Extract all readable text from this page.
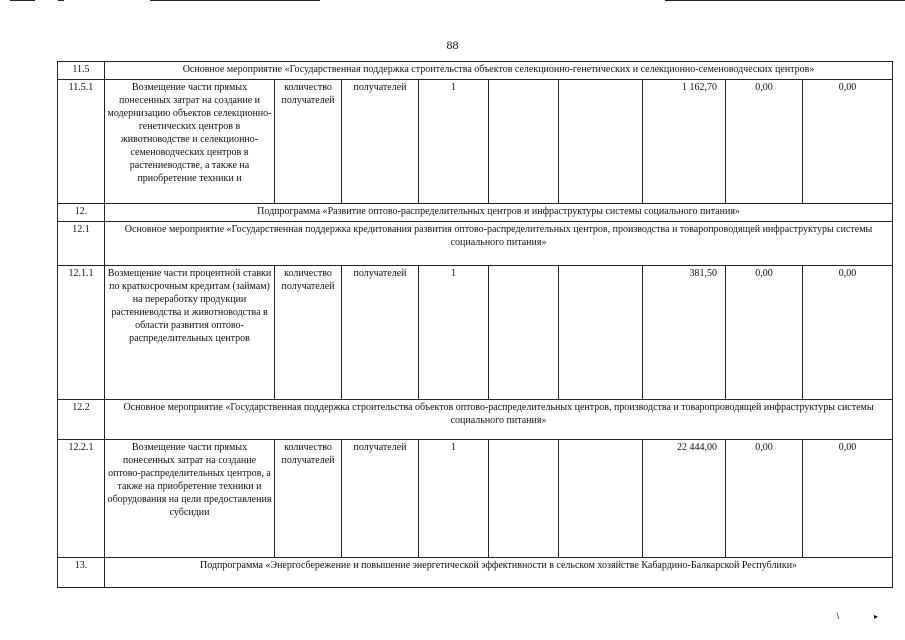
88
11.5	Основное мероприятие «Государственная поддержка строительства объектов селекционно-генетических и селекционно-семеноводческих центров»								
11.5.1	Возмещение части прямых понесенных затрат на создание и модернизацию объектов селекционно-генетических центров в животноводстве и селекционно-семеноводческих центров в растениеводстве, а также на приобретение техники и	количество получателей	получателей	1			1 162,70	0,00	0,00
12.	Подпрограмма «Развитие оптово-распределительных центров и инфраструктуры системы социального питания»								
12.1	Основное мероприятие «Государственная поддержка кредитования развития оптово-распределительных центров, производства и товаропроводящей инфраструктуры системы социального питания»								
12.1.1	Возмещение части процентной ставки по краткосрочным кредитам (займам) на переработку продукции растениеводства и животноводства в области развития оптово-распределительных центров	количество получателей	получателей	1			381,50	0,00	0,00
12.2	Основное мероприятие «Государственная поддержка строительства объектов оптово-распределительных центров, производства и товаропроводящей инфраструктуры системы социального питания»								
12.2.1	Возмещение части прямых понесенных затрат на создание оптово-распределительных центров, а также на приобретение техники и оборудования на цели предоставления субсидии	количество получателей	получателей	1			22 444,00	0,00	0,00
13.	Подпрограмма «Энергосбережение и повышение энергетической эффективности в сельском хозяйстве Кабардино-Балкарской Республики»								
∖	▸
